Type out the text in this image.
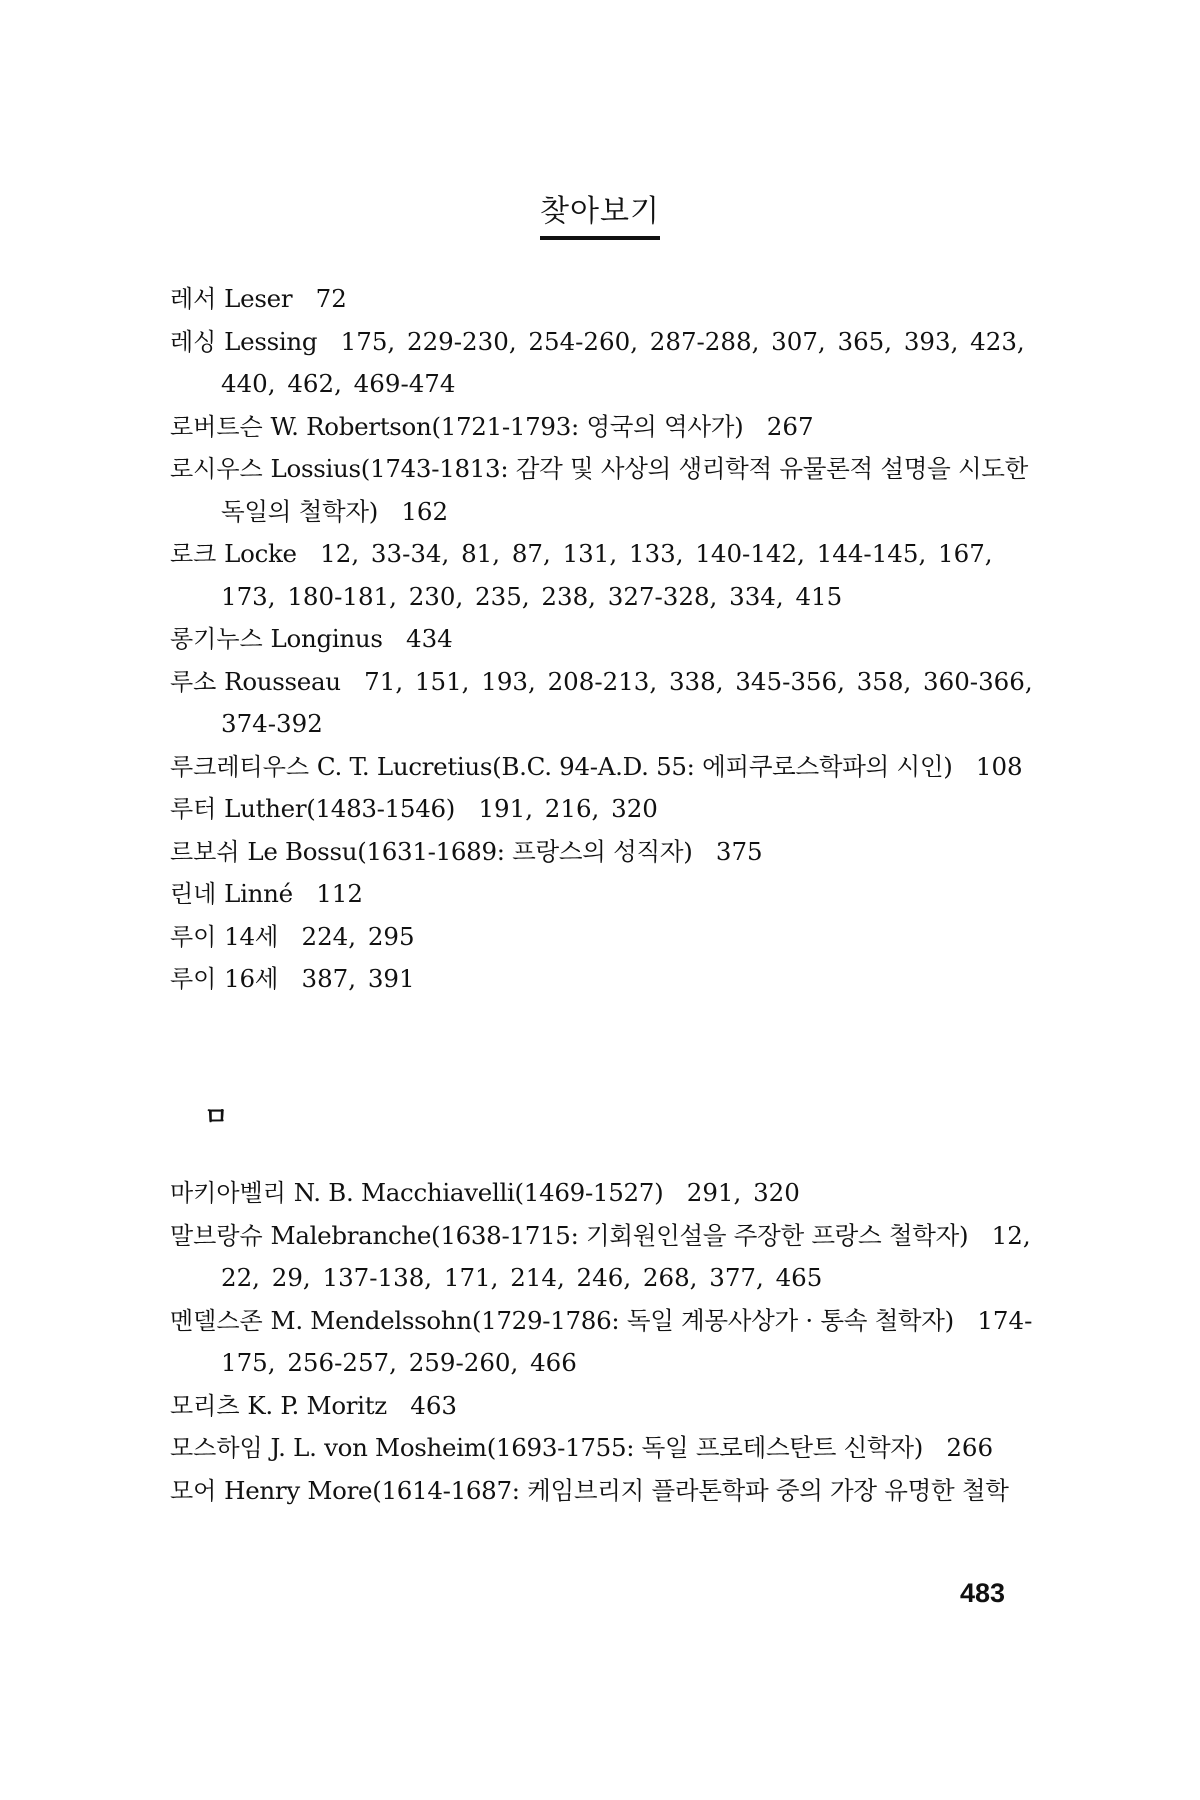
찾아보기

레서 Leser 72

레싱 Lessing 175, 229-230, 254-260, 287-288, 307, 365, 393, 423, 440, 462, 469-474

로버트슨 W. Robertson(1721-1793: 영국의 역사가) 267

로시우스 Lossius(1743-1813: 감각 및 사상의 생리학적 유물론적 설명을 시도한 독일의 철학자) 162

로크 Locke 12, 33-34, 81, 87, 131, 133, 140-142, 144-145, 167, 173, 180-181, 230, 235, 238, 327-328, 334, 415

롱기누스 Longinus 434

루소 Rousseau 71, 151, 193, 208-213, 338, 345-356, 358, 360-366, 374-392

루크레티우스 C. T. Lucretius(B.C. 94-A.D. 55: 에피쿠로스학파의 시인) 108

루터 Luther(1483-1546) 191, 216, 320

르보쉬 Le Bossu(1631-1689: 프랑스의 성직자) 375

린네 Linné 112

루이 14세 224, 295

루이 16세 387, 391

ㅁ

마키아벨리 N. B. Macchiavelli(1469-1527) 291, 320

말브랑슈 Malebranche(1638-1715: 기회원인설을 주장한 프랑스 철학자) 12, 22, 29, 137-138, 171, 214, 246, 268, 377, 465

멘델스존 M. Mendelssohn(1729-1786: 독일 계몽사상가 · 통속 철학자) 174-175, 256-257, 259-260, 466

모리츠 K. P. Moritz 463

모스하임 J. L. von Mosheim(1693-1755: 독일 프로테스탄트 신학자) 266

모어 Henry More(1614-1687: 케임브리지 플라톤학파 중의 가장 유명한 철학

483
